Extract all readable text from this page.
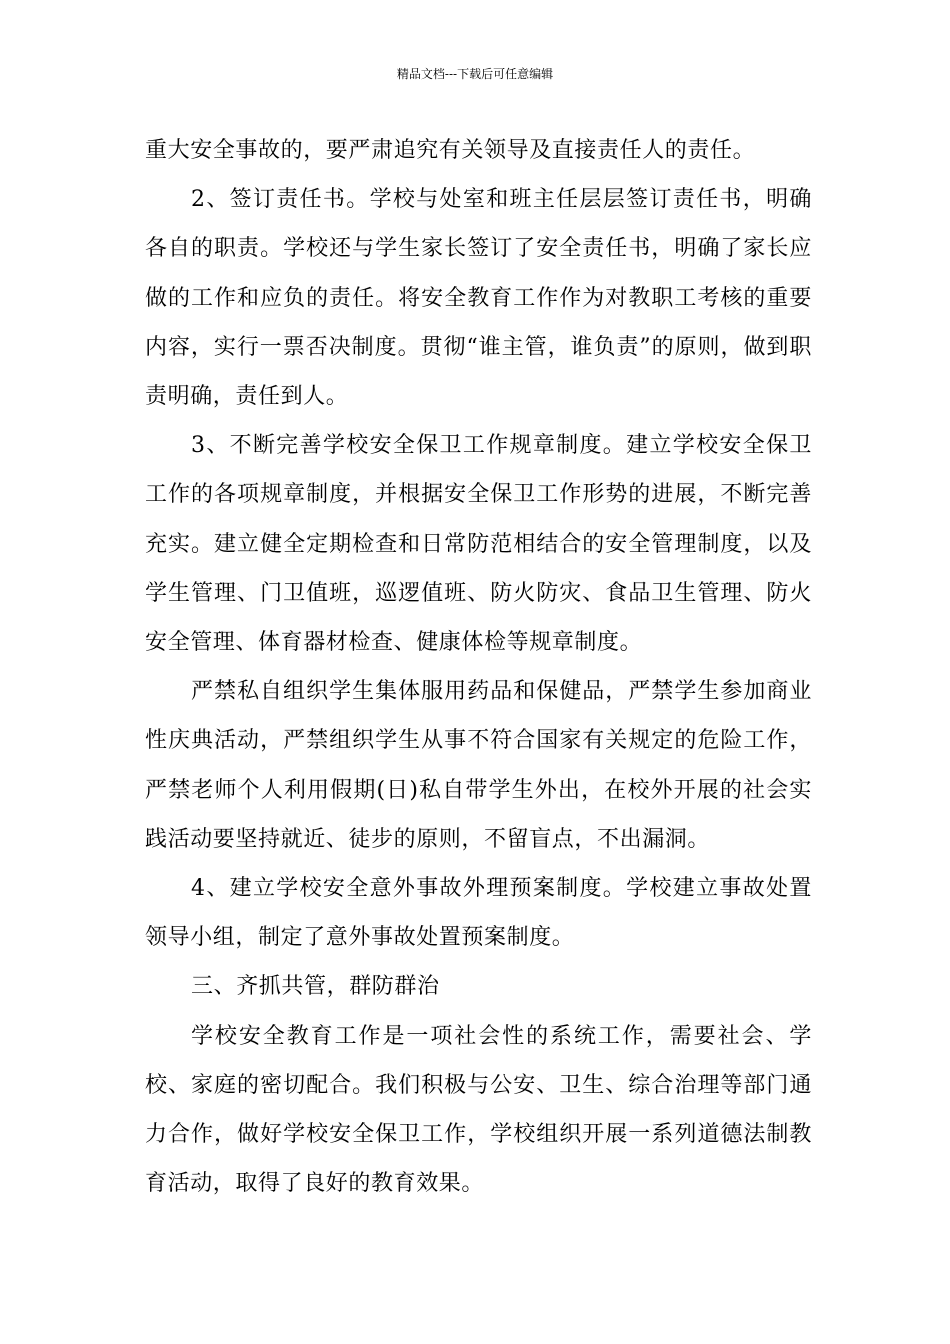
精品文档---下载后可任意编辑

重大安全事故的，要严肃追究有关领导及直接责任人的责任。

2、签订责任书。学校与处室和班主任层层签订责任书，明确各自的职责。学校还与学生家长签订了安全责任书，明确了家长应做的工作和应负的责任。将安全教育工作作为对教职工考核的重要内容，实行一票否决制度。贯彻“谁主管，谁负责”的原则，做到职责明确，责任到人。

3、不断完善学校安全保卫工作规章制度。建立学校安全保卫工作的各项规章制度，并根据安全保卫工作形势的进展，不断完善充实。建立健全定期检查和日常防范相结合的安全管理制度，以及学生管理、门卫值班，巡逻值班、防火防灾、食品卫生管理、防火安全管理、体育器材检查、健康体检等规章制度。

严禁私自组织学生集体服用药品和保健品，严禁学生参加商业性庆典活动，严禁组织学生从事不符合国家有关规定的危险工作，严禁老师个人利用假期(日)私自带学生外出，在校外开展的社会实践活动要坚持就近、徒步的原则，不留盲点，不出漏洞。

4、建立学校安全意外事故外理预案制度。学校建立事故处置领导小组，制定了意外事故处置预案制度。

三、齐抓共管，群防群治

学校安全教育工作是一项社会性的系统工作，需要社会、学校、家庭的密切配合。我们积极与公安、卫生、综合治理等部门通力合作，做好学校安全保卫工作，学校组织开展一系列道德法制教育活动，取得了良好的教育效果。
